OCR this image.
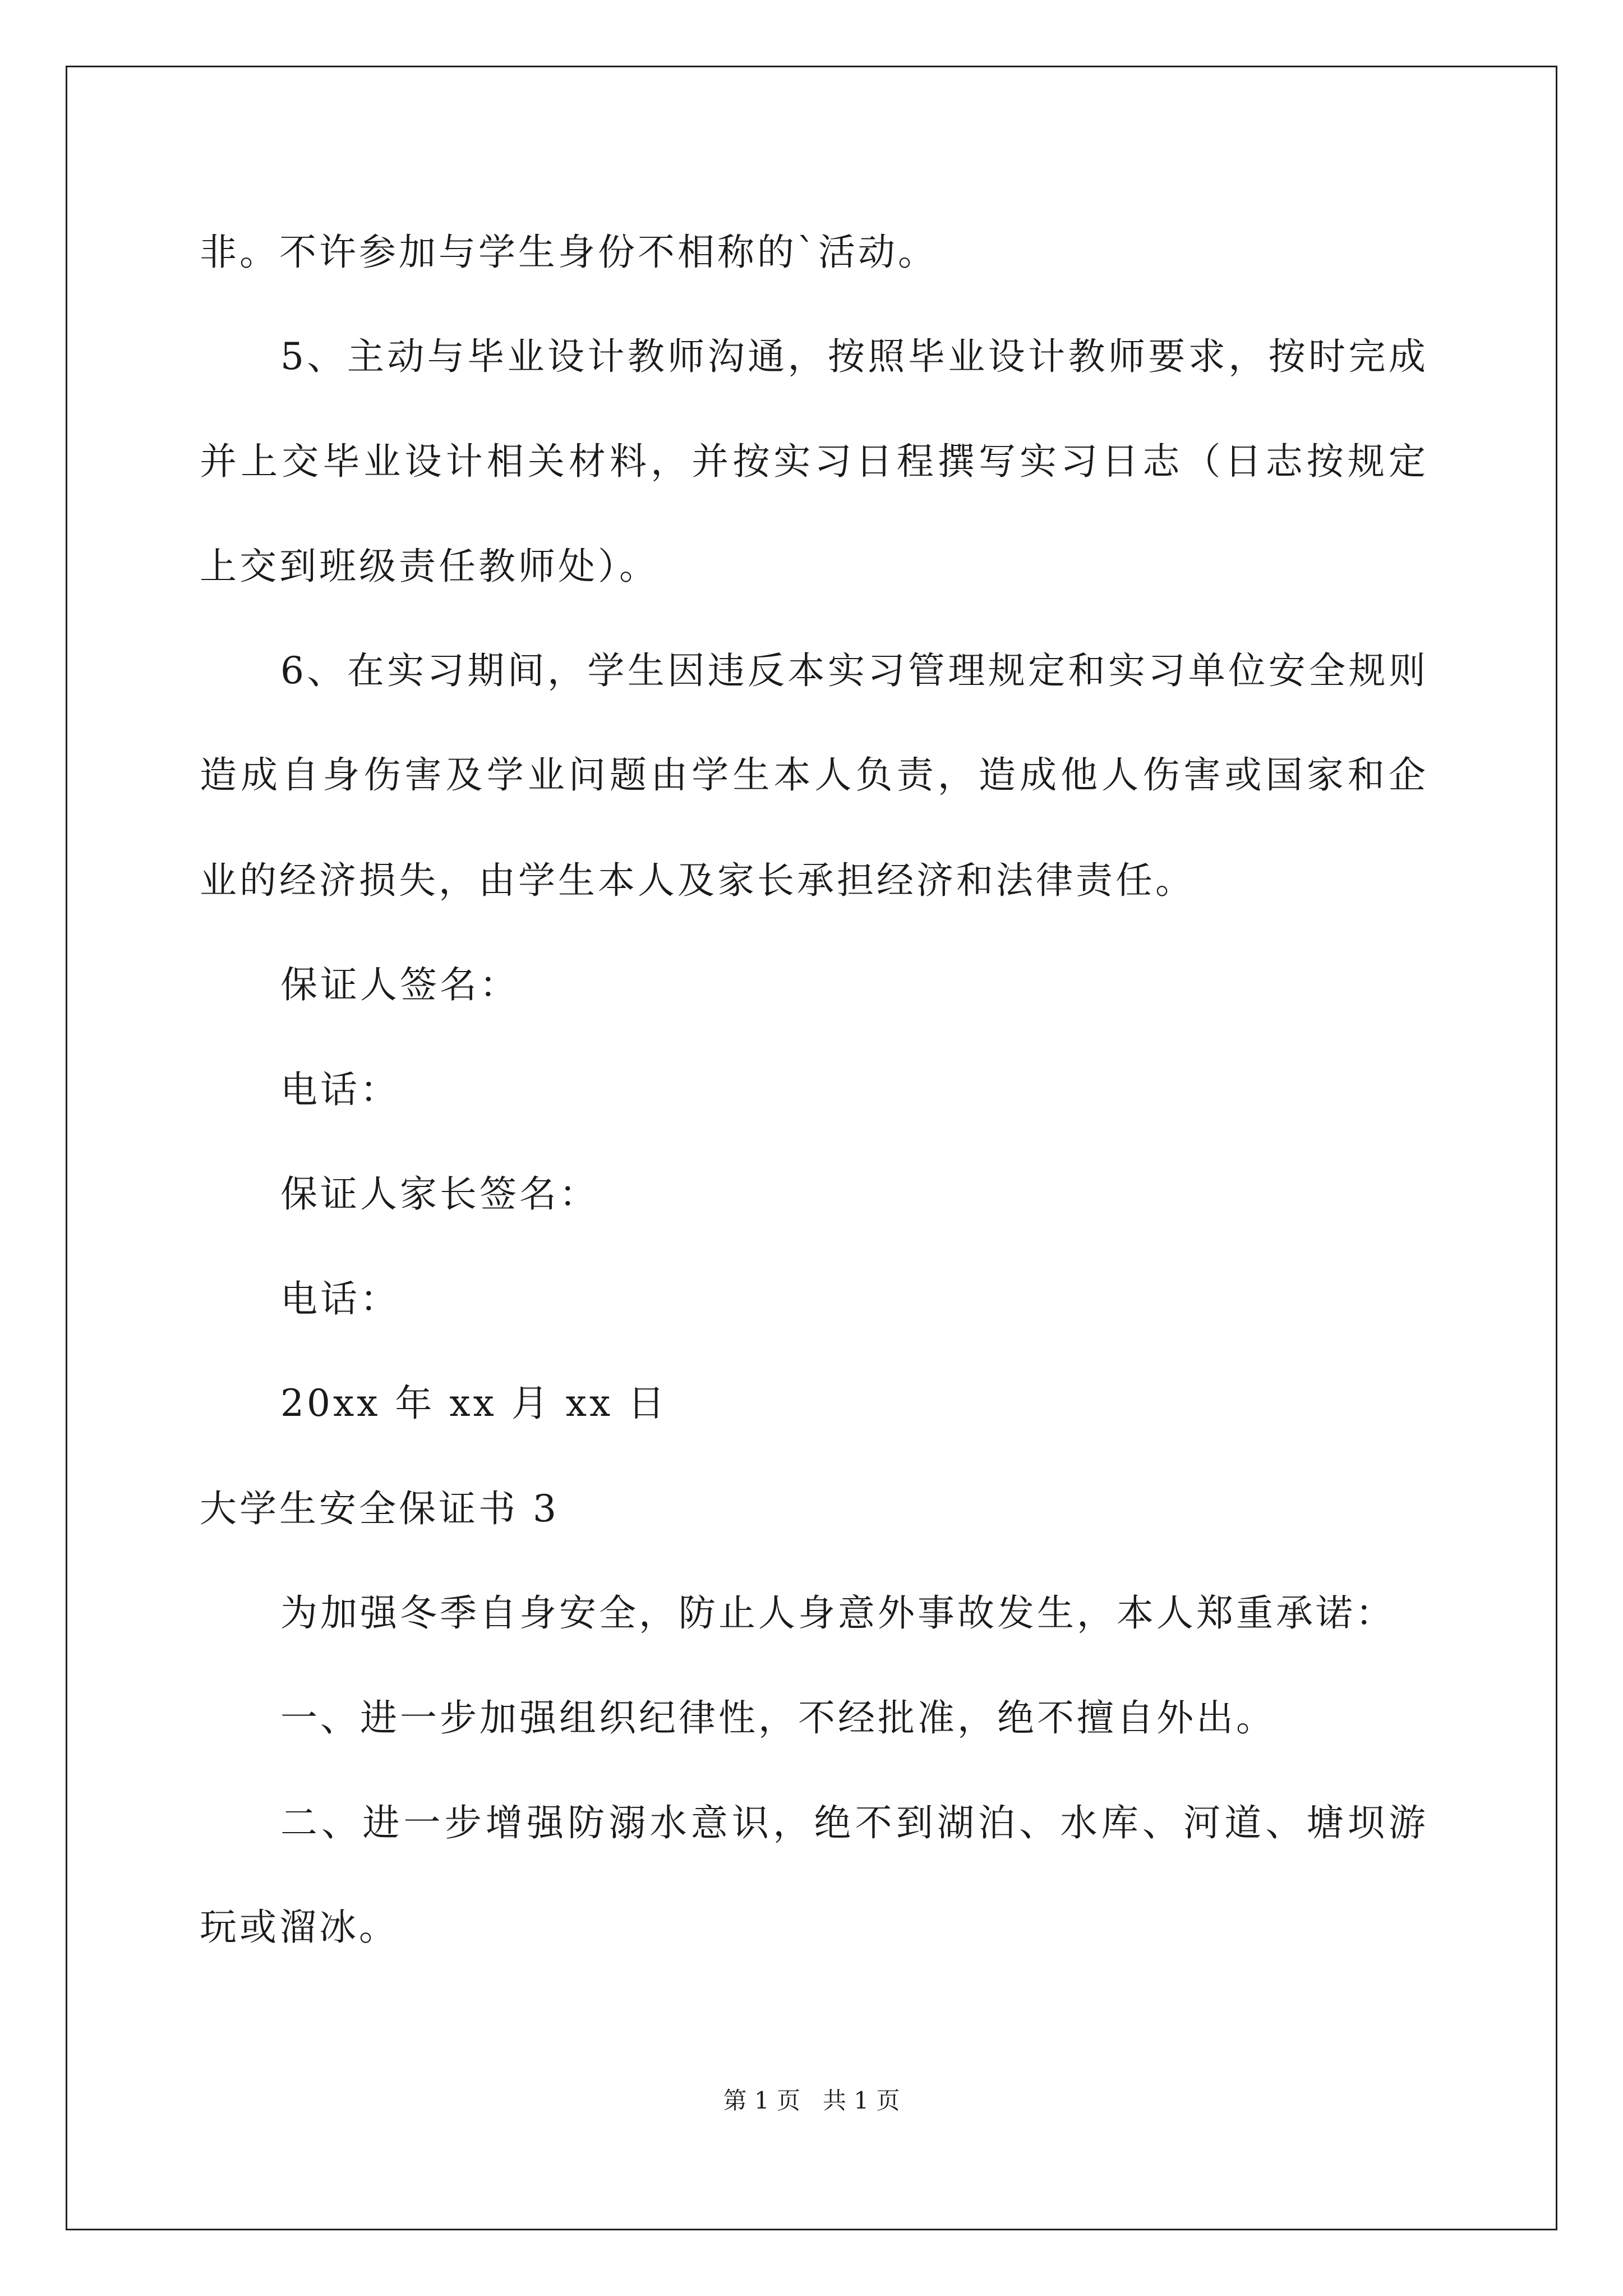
非。不许参加与学生身份不相称的`活动。
5、主动与毕业设计教师沟通，按照毕业设计教师要求，按时完成
并上交毕业设计相关材料，并按实习日程撰写实习日志（日志按规定
上交到班级责任教师处）。
6、在实习期间，学生因违反本实习管理规定和实习单位安全规则
造成自身伤害及学业问题由学生本人负责，造成他人伤害或国家和企
业的经济损失，由学生本人及家长承担经济和法律责任。
保证人签名：
电话：
保证人家长签名：
电话：
20xx 年 xx 月 xx 日
大学生安全保证书 3
为加强冬季自身安全，防止人身意外事故发生，本人郑重承诺：
一、进一步加强组织纪律性，不经批准，绝不擅自外出。
二、进一步增强防溺水意识，绝不到湖泊、水库、河道、塘坝游
玩或溜冰。
第 1 页   共 1 页
